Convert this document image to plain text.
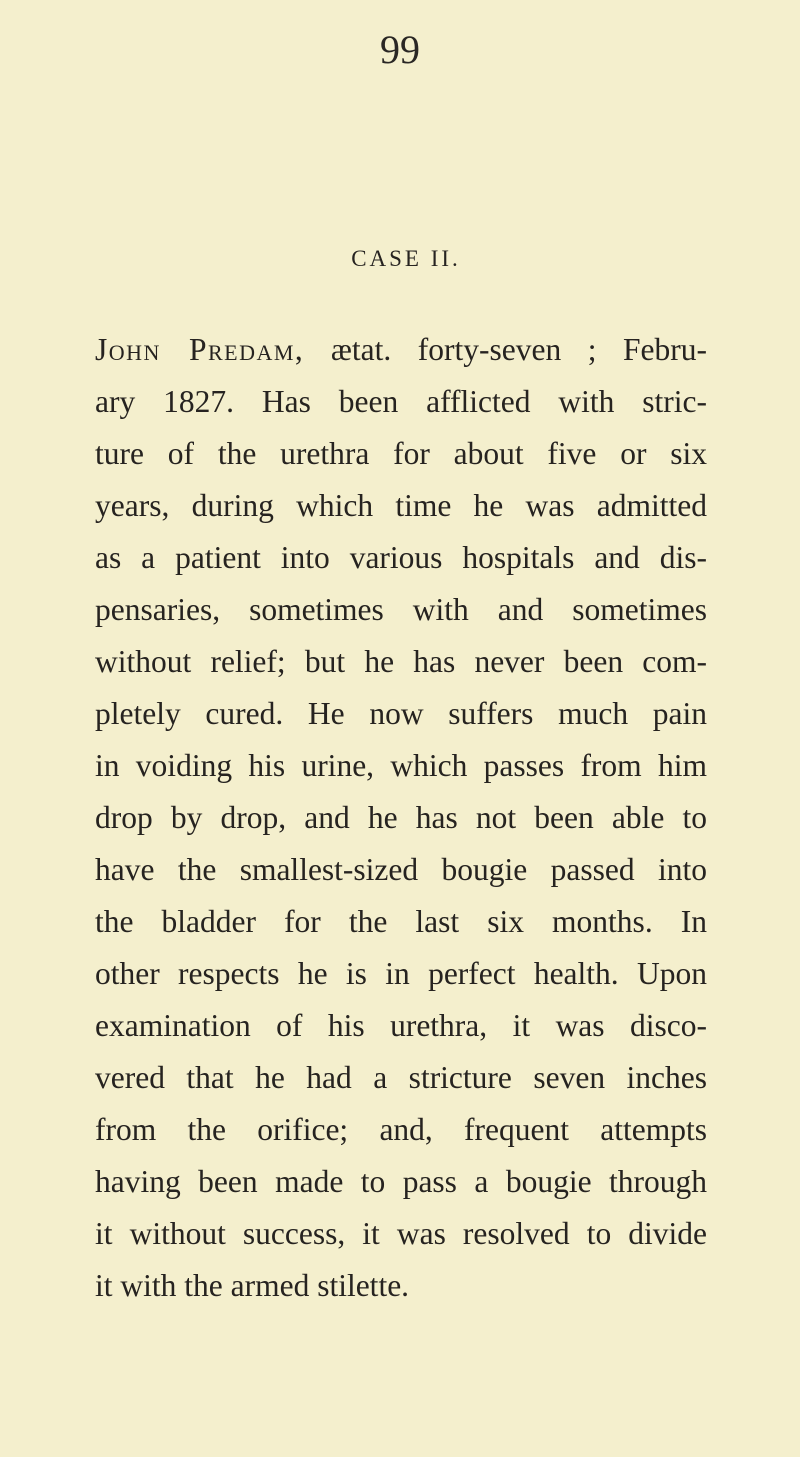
99
CASE II.
John Predam, ætat. forty-seven ; Febru-
ary 1827. Has been afflicted with stric-
ture of the urethra for about five or six
years, during which time he was admitted
as a patient into various hospitals and dis-
pensaries, sometimes with and sometimes
without relief; but he has never been com-
pletely cured. He now suffers much pain
in voiding his urine, which passes from him
drop by drop, and he has not been able to
have the smallest-sized bougie passed into
the bladder for the last six months. In
other respects he is in perfect health. Upon
examination of his urethra, it was disco-
vered that he had a stricture seven inches
from the orifice; and, frequent attempts
having been made to pass a bougie through
it without success, it was resolved to divide
it with the armed stilette.
